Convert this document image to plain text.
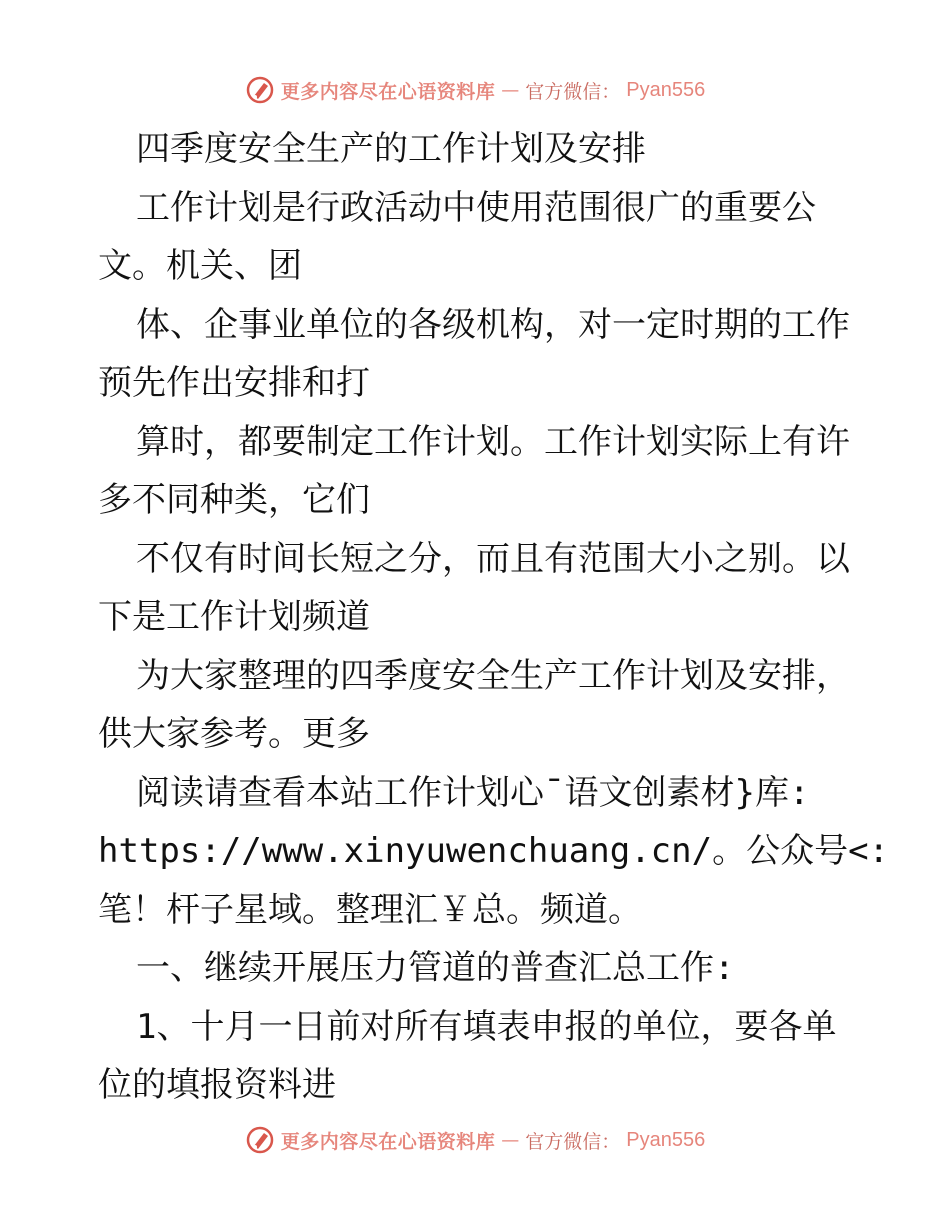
更多内容尽在心语资料库 — 官方微信： Pyan556
四季度安全生产的工作计划及安排
工作计划是行政活动中使用范围很广的重要公
文。机关、团
体、企事业单位的各级机构，对一定时期的工作
预先作出安排和打
算时，都要制定工作计划。工作计划实际上有许
多不同种类，它们
不仅有时间长短之分，而且有范围大小之别。以
下是工作计划频道
为大家整理的四季度安全生产工作计划及安排，
供大家参考。更多
阅读请查看本站工作计划心¯语文创素材}库:
https://www.xinyuwenchuang.cn/。公众号<:
笔！杆子星域。整理汇￥总。频道。
一、继续开展压力管道的普查汇总工作:
1、十月一日前对所有填表申报的单位，要各单
位的填报资料进
更多内容尽在心语资料库 — 官方微信： Pyan556
